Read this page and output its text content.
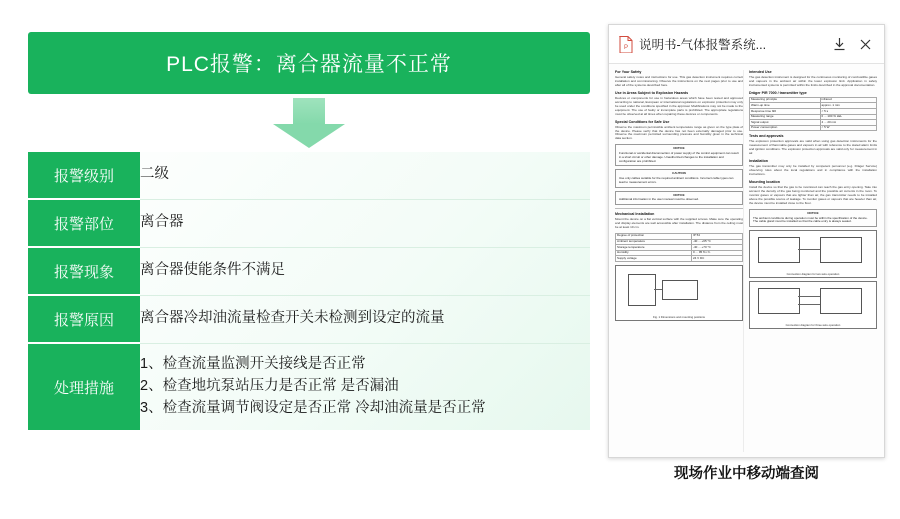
PLC报警：离合器流量不正常
报警级别	二级
报警部位	离合器
报警现象	离合器使能条件不满足
报警原因	离合器冷却油流量检查开关未检测到设定的流量
处理措施	1、检查流量监测开关接线是否正常
2、检查地坑泵站压力是否正常 是否漏油
3、检查流量调节阀设定是否正常 冷却油流量是否正常
P 说明书-气体报警系统...
For Your Safety
General safety notes and instructions for use. This gas detection instrument requires correct installation and commissioning. Observe the instructions on the next pages prior to use and after all of the systems described here.
Use in Areas Subject to Explosion Hazards
Devices or components for use in hazardous areas which have been tested and approved according to national, European or international regulations on explosion protection may only be used under the conditions specified in the approval. Modifications may not be made to the equipment. The use of faulty or incomplete parts is prohibited. The appropriate regulations must be observed at all times when repairing these devices or components.
Special Conditions for Safe Use
Observe the maximum permissible ambient temperature range as given on the type plate of the device. Please verify that the device has not been externally damaged prior to use. Observe the maximum permitted surrounding pressure and humidity given in the technical data section.
NOTICE
Functional or accidental disconnection of power supply of the control equipment can result in a short circuit or other damage. Unauthorized changes to the installation and configuration are prohibited.
CAUTION
Use only cables suitable for the required ambient conditions. Incorrect cable types can lead to measurement errors.
NOTICE
Additional information in the user manual must be observed.
Mechanical Installation
Mount the device on a flat vertical surface with the supplied screws. Make sure the operating and display elements are well accessible after installation. The distance from the ceiling must be at least 10 cm.
Degree of protection	IP 54
Ambient temperature	-40 ... +65 °C
Storage temperature	-40 ... +70 °C
Humidity	0 ... 95 % r.h.
Supply voltage	24 V DC
Fig. 1 Dimensions and mounting positions
Intended Use
The gas detection instrument is designed for the continuous monitoring of combustible gases and vapours in the ambient air within the lower explosion limit. Application in safety instrumented systems is permitted within the limits described in the approval documentation.
Dräger PIR 7000 / transmitter type
Measuring principle	infrared
Warm-up time	approx. 1 min
Response time t90	< 5 s
Measuring range	0 ... 100 % LEL
Signal output	4 ... 20 mA
Power consumption	< 5 W
Tests and approvals
The explosion protection approvals are valid when using gas detection instruments for the measurement of flammable gases and vapours in air with reference to the stated alarm limits and ignition conditions. The explosion protection approvals are valid only for measurement in air.
Installation
The gas transmitter may only be installed by competent personnel (e.g. Dräger Service) observing rules about the local regulations and in compliance with the installation instructions.
Mounting location
Install the device so that the gas to be monitored can reach the gas entry opening. Take into account the density of the gas being monitored and the possible air currents in the room. To monitor gases or vapours that are lighter than air, the gas transmitter needs to be installed above the possible source of leakage. To monitor gases or vapours that are heavier than air, the device must be installed close to the floor.
NOTICE
The ambient conditions during operation must be within the specification of the device. The cable gland must be installed so that the cable entry is always sealed.
Connection diagram for two-wire operation
Connection diagram for three-wire operation
现场作业中移动端查阅
